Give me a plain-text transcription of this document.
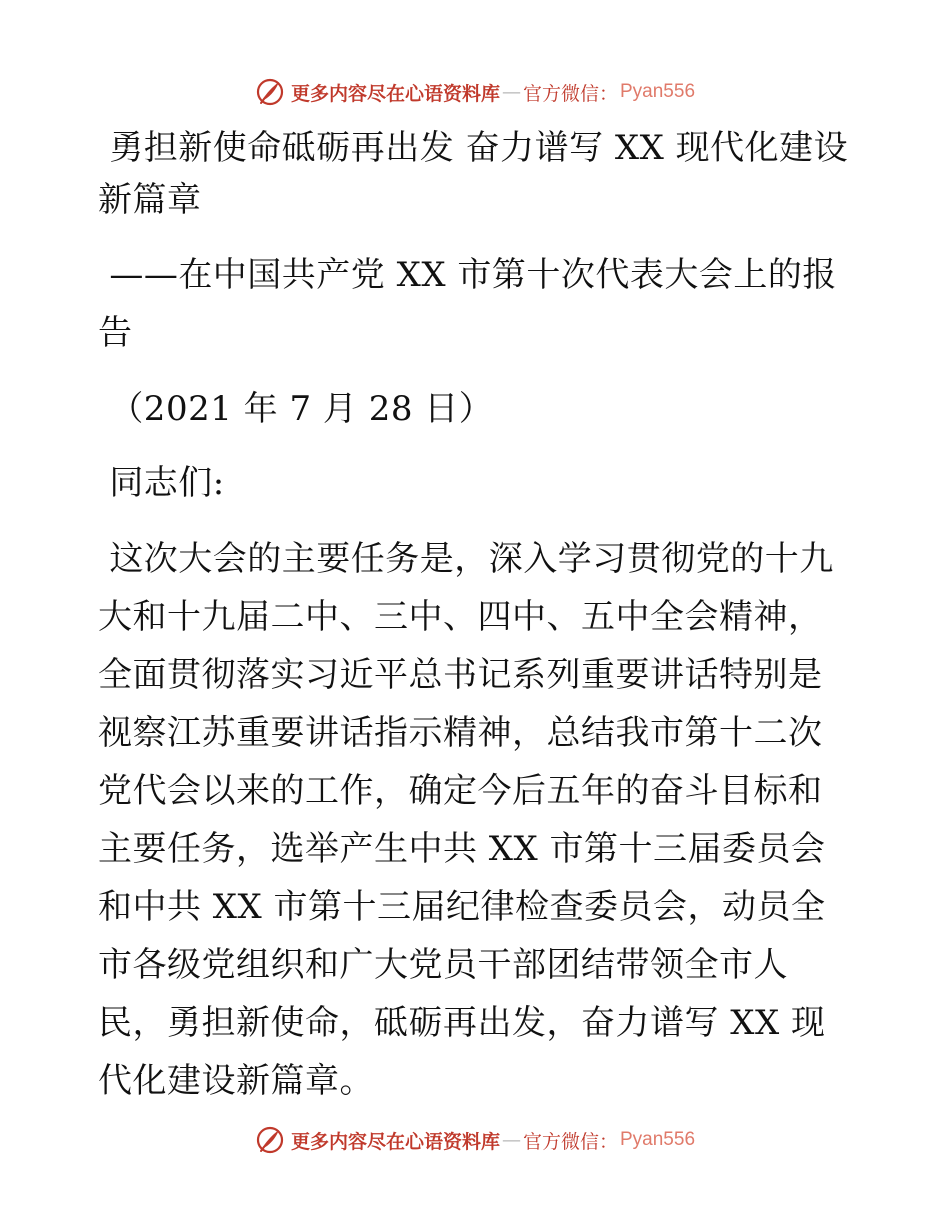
更多内容尽在心语资料库 — 官方微信： Pyan556

勇担新使命砥砺再出发 奋力谱写 XX 现代化建设新篇章

——在中国共产党 XX 市第十次代表大会上的报告

（2021 年 7 月 28 日）

同志们:

这次大会的主要任务是，深入学习贯彻党的十九大和十九届二中、三中、四中、五中全会精神，全面贯彻落实习近平总书记系列重要讲话特别是视察江苏重要讲话指示精神，总结我市第十二次党代会以来的工作，确定今后五年的奋斗目标和主要任务，选举产生中共 XX 市第十三届委员会和中共 XX 市第十三届纪律检查委员会，动员全市各级党组织和广大党员干部团结带领全市人民，勇担新使命，砥砺再出发，奋力谱写 XX 现代化建设新篇章。

更多内容尽在心语资料库 — 官方微信： Pyan556
